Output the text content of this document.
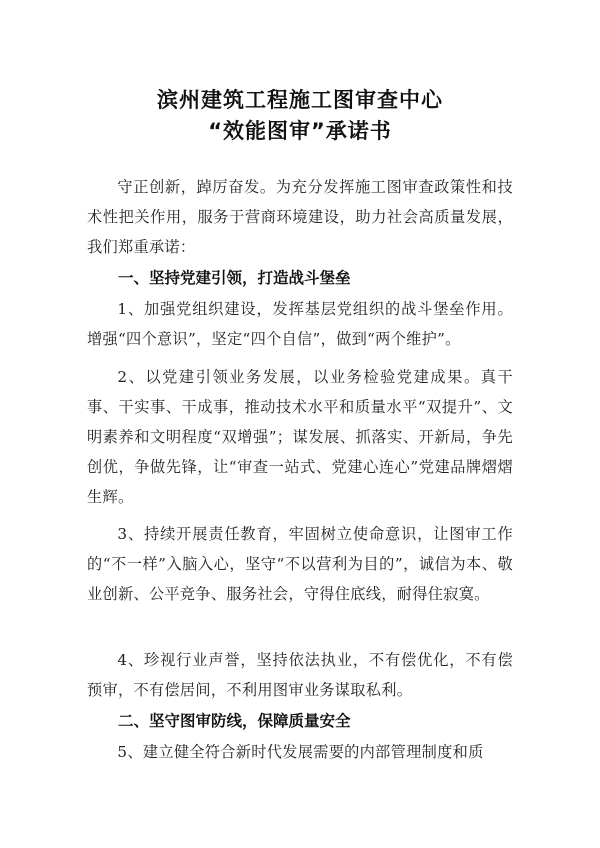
滨州建筑工程施工图审查中心
“效能图审”承诺书

守正创新，踔厉奋发。为充分发挥施工图审查政策性和技术性把关作用，服务于营商环境建设，助力社会高质量发展，我们郑重承诺：

一、坚持党建引领，打造战斗堡垒

1、加强党组织建设，发挥基层党组织的战斗堡垒作用。增强“四个意识”，坚定“四个自信”，做到“两个维护”。

2、以党建引领业务发展，以业务检验党建成果。真干事、干实事、干成事，推动技术水平和质量水平“双提升”、文明素养和文明程度“双增强”；谋发展、抓落实、开新局，争先创优，争做先锋，让“审查一站式、党建心连心”党建品牌熠熠生辉。

3、持续开展责任教育，牢固树立使命意识，让图审工作的“不一样”入脑入心，坚守“不以营利为目的”，诚信为本、敬业创新、公平竞争、服务社会，守得住底线，耐得住寂寞。

4、珍视行业声誉，坚持依法执业，不有偿优化，不有偿预审，不有偿居间，不利用图审业务谋取私利。

二、坚守图审防线，保障质量安全

5、建立健全符合新时代发展需要的内部管理制度和质
